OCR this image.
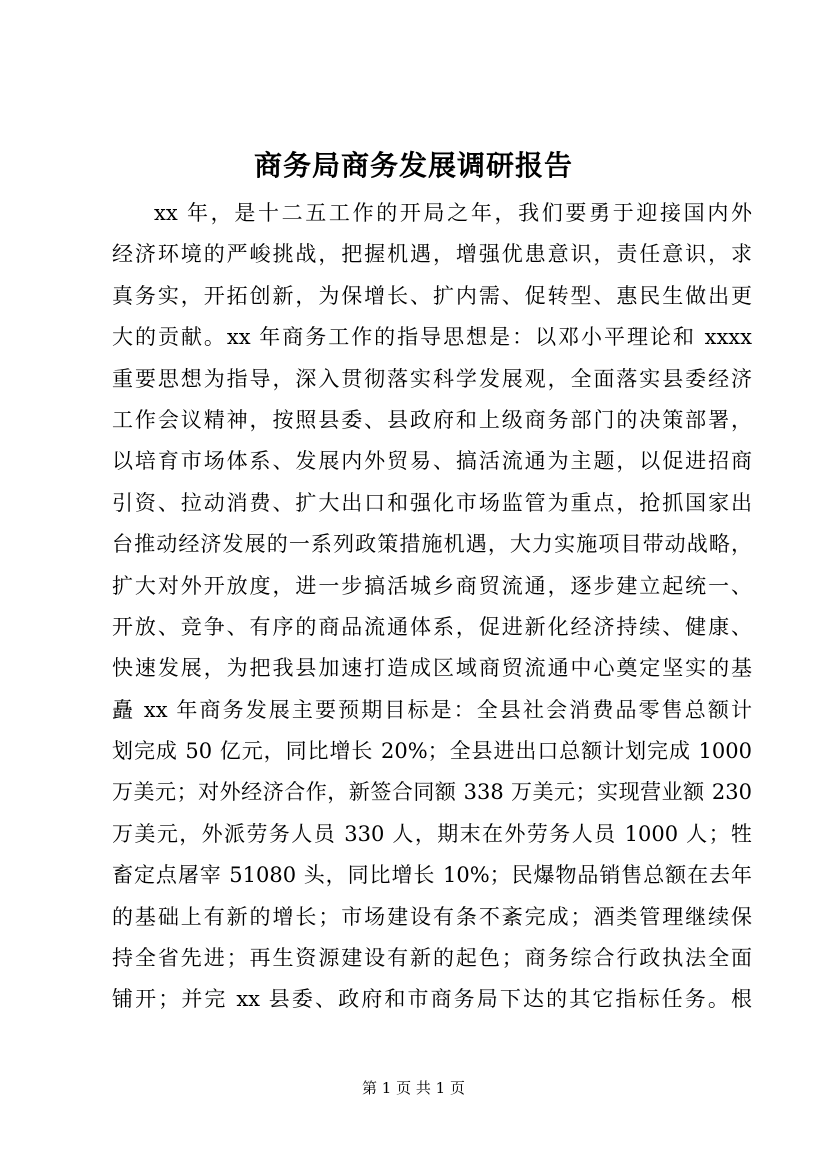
商务局商务发展调研报告
xx 年，是十二五工作的开局之年，我们要勇于迎接国内外
经济环境的严峻挑战，把握机遇，增强优患意识，责任意识，求
真务实，开拓创新，为保增长、扩内需、促转型、惠民生做出更
大的贡献。xx 年商务工作的指导思想是：以邓小平理论和 xxxx
重要思想为指导，深入贯彻落实科学发展观，全面落实县委经济
工作会议精神，按照县委、县政府和上级商务部门的决策部署，
以培育市场体系、发展内外贸易、搞活流通为主题，以促进招商
引资、拉动消费、扩大出口和强化市场监管为重点，抢抓国家出
台推动经济发展的一系列政策措施机遇，大力实施项目带动战略，
扩大对外开放度，进一步搞活城乡商贸流通，逐步建立起统一、
开放、竞争、有序的商品流通体系，促进新化经济持续、健康、
快速发展，为把我县加速打造成区域商贸流通中心奠定坚实的基
矗 xx 年商务发展主要预期目标是：全县社会消费品零售总额计
划完成 50 亿元，同比增长 20%；全县进出口总额计划完成 1000
万美元；对外经济合作，新签合同额 338 万美元；实现营业额 230
万美元，外派劳务人员 330 人，期末在外劳务人员 1000 人；牲
畜定点屠宰 51080 头，同比增长 10%；民爆物品销售总额在去年
的基础上有新的增长；市场建设有条不紊完成；酒类管理继续保
持全省先进；再生资源建设有新的起色；商务综合行政执法全面
铺开；并完 xx 县委、政府和市商务局下达的其它指标任务。根
第 1 页 共 1 页
